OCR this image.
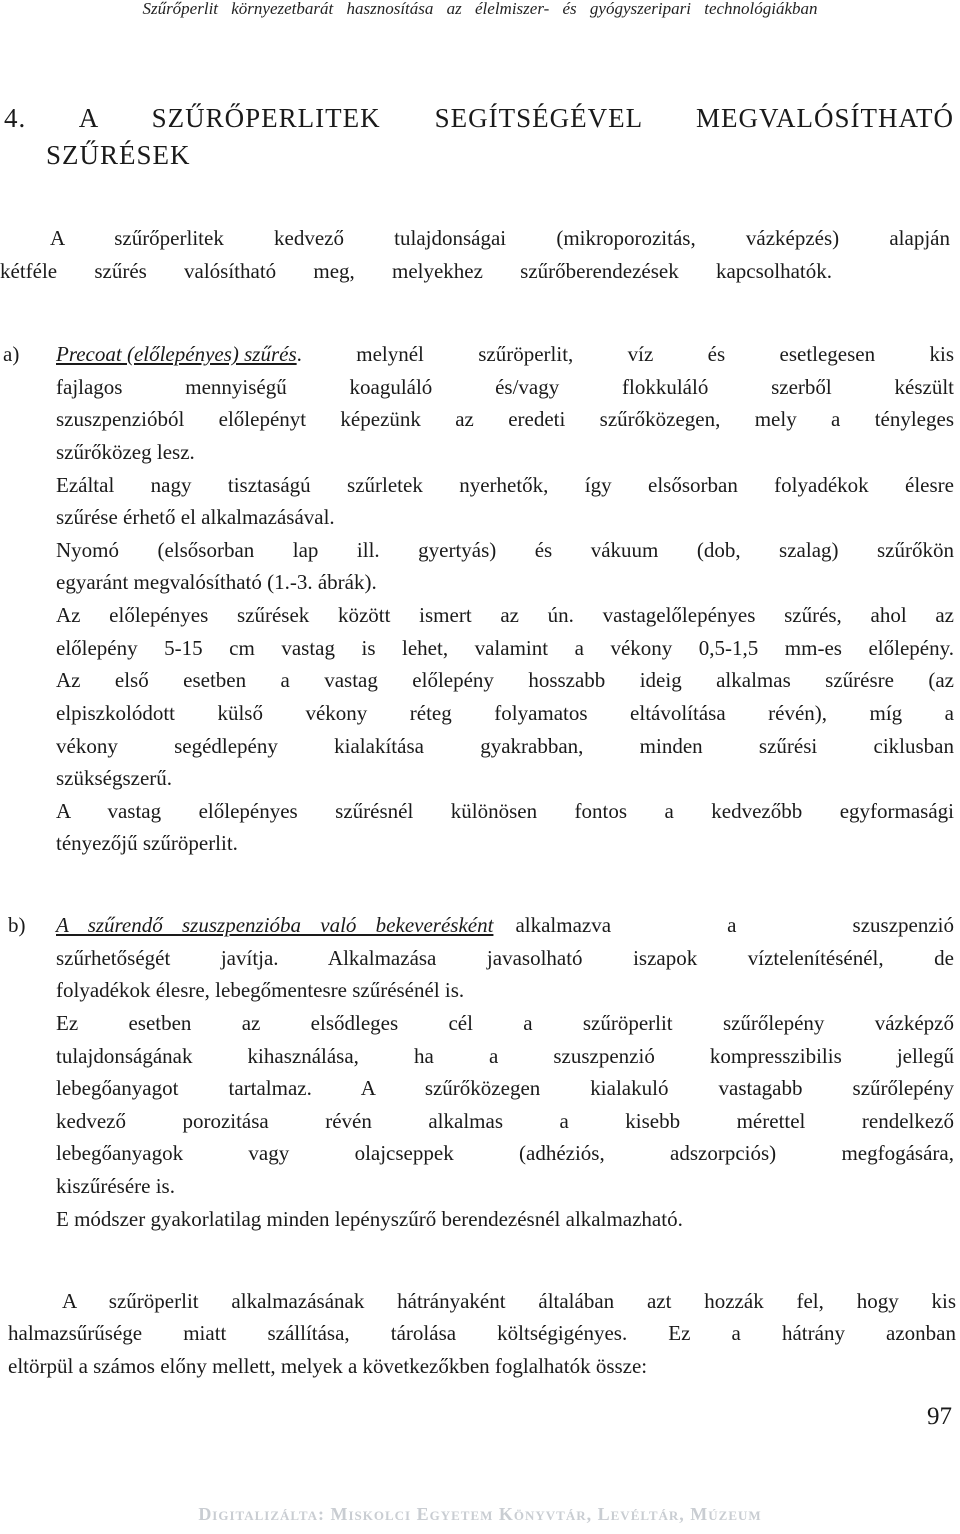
Szűrőperlit környezetbarát hasznosítása az élelmiszer- és gyógyszeripari technológiákban
4. A SZŰRŐPERLITEK SEGÍTSÉGÉVEL MEGVALÓSÍTHATÓ
SZŰRÉSEK
A szűrőperlitek kedvező tulajdonságai (mikroporozitás, vázképzés) alapján
kétféle szűrés valósítható meg, melyekhez szűrőberendezések kapcsolhatók.
a) Precoat (előlepényes) szűrés . melynél szűröperlit, víz és esetlegesen kis
fajlagos mennyiségű koaguláló és/vagy flokkuláló szerből készült
szuszpenzióból előlepényt képezünk az eredeti szűrőközegen, mely a tényleges
szűrőközeg lesz.
Ezáltal nagy tisztaságú szűrletek nyerhetők, így elsősorban folyadékok élesre
szűrése érhető el alkalmazásával.
Nyomó (elsősorban lap ill. gyertyás) és vákuum (dob, szalag) szűrőkön
egyaránt megvalósítható (1.-3. ábrák).
Az előlepényes szűrések között ismert az ún. vastagelőlepényes szűrés, ahol az
előlepény 5-15 cm vastag is lehet, valamint a vékony 0,5-1,5 mm-es előlepény.
Az első esetben a vastag előlepény hosszabb ideig alkalmas szűrésre (az
elpiszkolódott külső vékony réteg folyamatos eltávolítása révén), míg a
vékony segédlepény kialakítása gyakrabban, minden szűrési ciklusban
szükségszerű.
A vastag előlepényes szűrésnél különösen fontos a kedvezőbb egyformasági
tényezőjű szűröperlit.
b) A szűrendő szuszpenzióba való bekeverésként alkalmazva a szuszpenzió
szűrhetőségét javítja. Alkalmazása javasolható iszapok víztelenítésénél, de
folyadékok élesre, lebegőmentesre szűrésénél is.
Ez esetben az elsődleges cél a szűröperlit szűrőlepény vázképző
tulajdonságának kihasználása, ha a szuszpenzió kompresszibilis jellegű
lebegőanyagot tartalmaz. A szűrőközegen kialakuló vastagabb szűrőlepény
kedvező porozitása révén alkalmas a kisebb mérettel rendelkező
lebegőanyagok vagy olajcseppek (adhéziós, adszorpciós) megfogására,
kiszűrésére is.
E módszer gyakorlatilag minden lepényszűrő berendezésnél alkalmazható.
A szűröperlit alkalmazásának hátrányaként általában azt hozzák fel, hogy kis
halmazsűrűsége miatt szállítása, tárolása költségigényes. Ez a hátrány azonban
eltörpül a számos előny mellett, melyek a következőkben foglalhatók össze:
97
Digitalizálta: Miskolci Egyetem Könyvtár, Levéltár, Múzeum
